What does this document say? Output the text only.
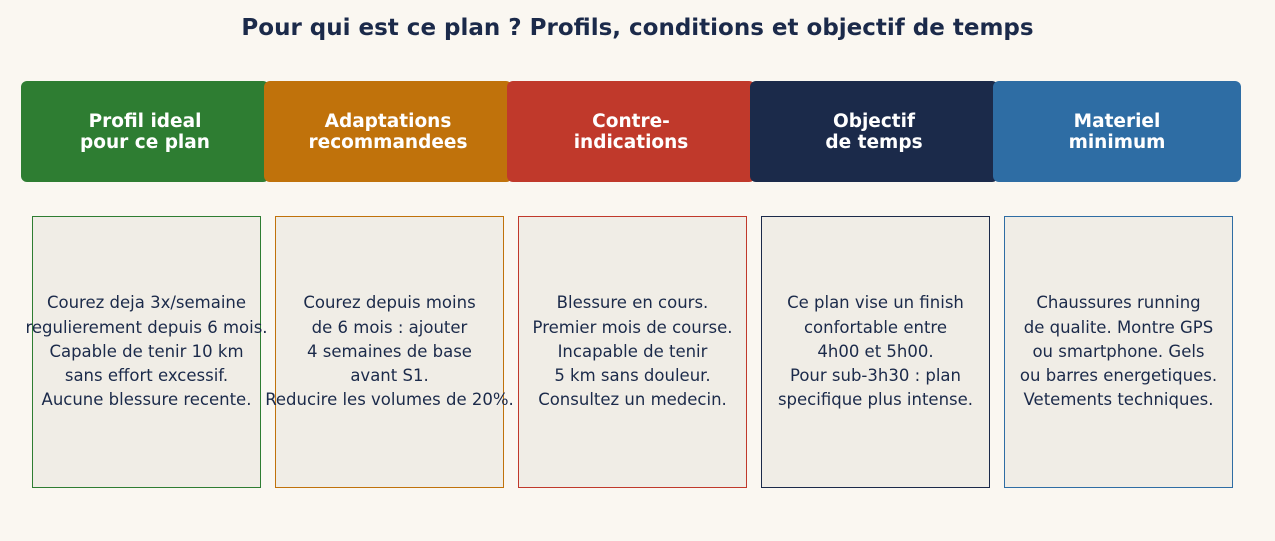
Pour qui est ce plan ? Profils, conditions et objectif de temps
Profil ideal
pour ce plan
Adaptations
recommandees
Contre-
indications
Objectif
de temps
Materiel
minimum
Courez deja 3x/semaine
regulierement depuis 6 mois.
Capable de tenir 10 km
sans effort excessif.
Aucune blessure recente.
Courez depuis moins
de 6 mois : ajouter
4 semaines de base
avant S1.
Reducire les volumes de 20%.
Blessure en cours.
Premier mois de course.
Incapable de tenir
5 km sans douleur.
Consultez un medecin.
Ce plan vise un finish
confortable entre
4h00 et 5h00.
Pour sub-3h30 : plan
specifique plus intense.
Chaussures running
de qualite. Montre GPS
ou smartphone. Gels
ou barres energetiques.
Vetements techniques.
